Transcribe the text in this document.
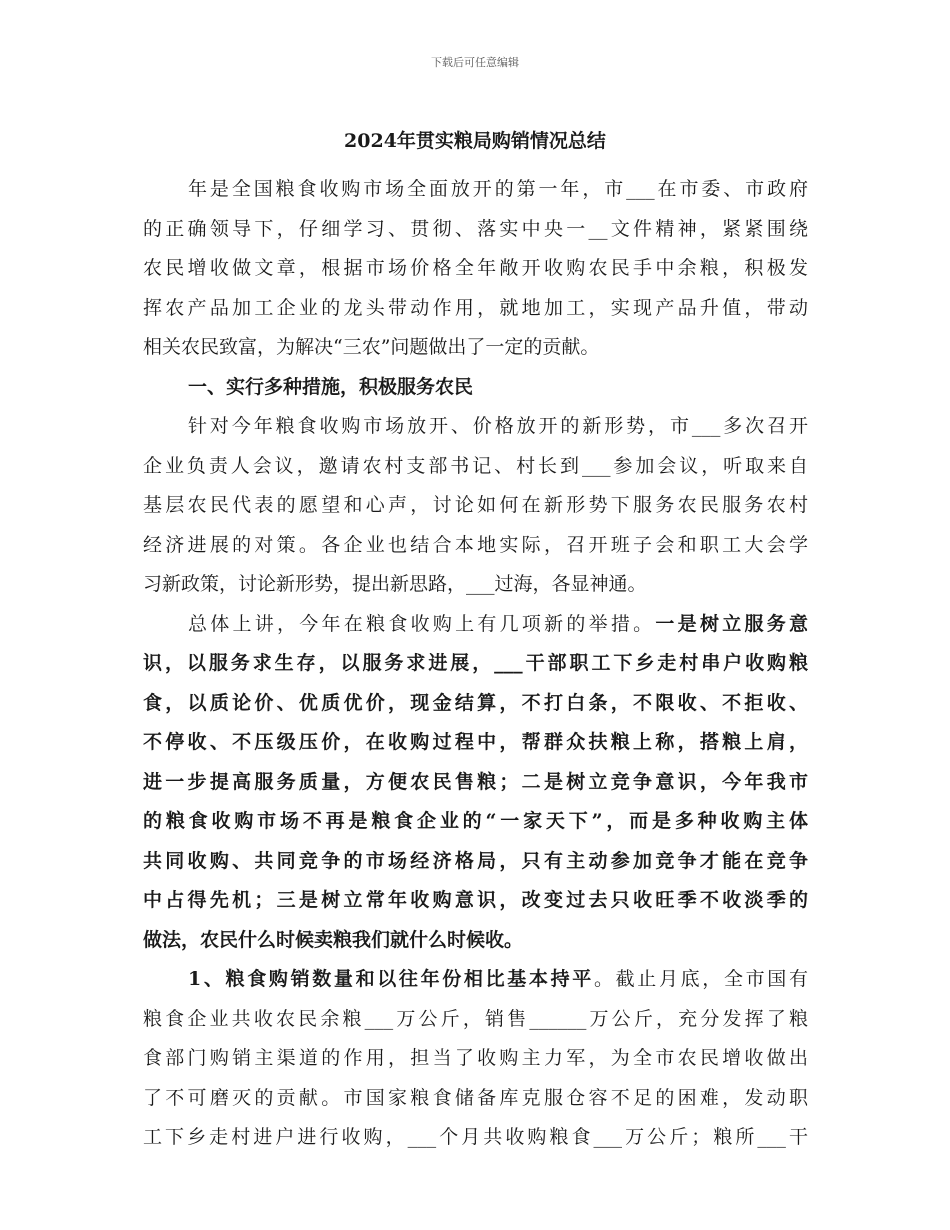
下载后可任意编辑
2024年贯实粮局购销情况总结
年是全国粮食收购市场全面放开的第一年，市___在市委、市政府
的正确领导下，仔细学习、贯彻、落实中央一__文件精神，紧紧围绕
农民增收做文章，根据市场价格全年敞开收购农民手中余粮，积极发
挥农产品加工企业的龙头带动作用，就地加工，实现产品升值，带动
相关农民致富，为解决“三农”问题做出了一定的贡献。
一、实行多种措施，积极服务农民
针对今年粮食收购市场放开、价格放开的新形势，市___多次召开
企业负责人会议，邀请农村支部书记、村长到___参加会议，听取来自
基层农民代表的愿望和心声，讨论如何在新形势下服务农民服务农村
经济进展的对策。各企业也结合本地实际，召开班子会和职工大会学
习新政策，讨论新形势，提出新思路，___过海，各显神通。
总体上讲，今年在粮食收购上有几项新的举措。一是树立服务意
识，以服务求生存，以服务求进展，___干部职工下乡走村串户收购粮
食，以质论价、优质优价，现金结算，不打白条，不限收、不拒收、
不停收、不压级压价，在收购过程中，帮群众扶粮上称，搭粮上肩，
进一步提高服务质量，方便农民售粮；二是树立竞争意识，今年我市
的粮食收购市场不再是粮食企业的“一家天下”，而是多种收购主体
共同收购、共同竞争的市场经济格局，只有主动参加竞争才能在竞争
中占得先机；三是树立常年收购意识，改变过去只收旺季不收淡季的
做法，农民什么时候卖粮我们就什么时候收。
1、粮食购销数量和以往年份相比基本持平。截止月底，全市国有
粮食企业共收农民余粮___万公斤，销售______万公斤，充分发挥了粮
食部门购销主渠道的作用，担当了收购主力军，为全市农民增收做出
了不可磨灭的贡献。市国家粮食储备库克服仓容不足的困难，发动职
工下乡走村进户进行收购，___个月共收购粮食___万公斤；粮所___干
